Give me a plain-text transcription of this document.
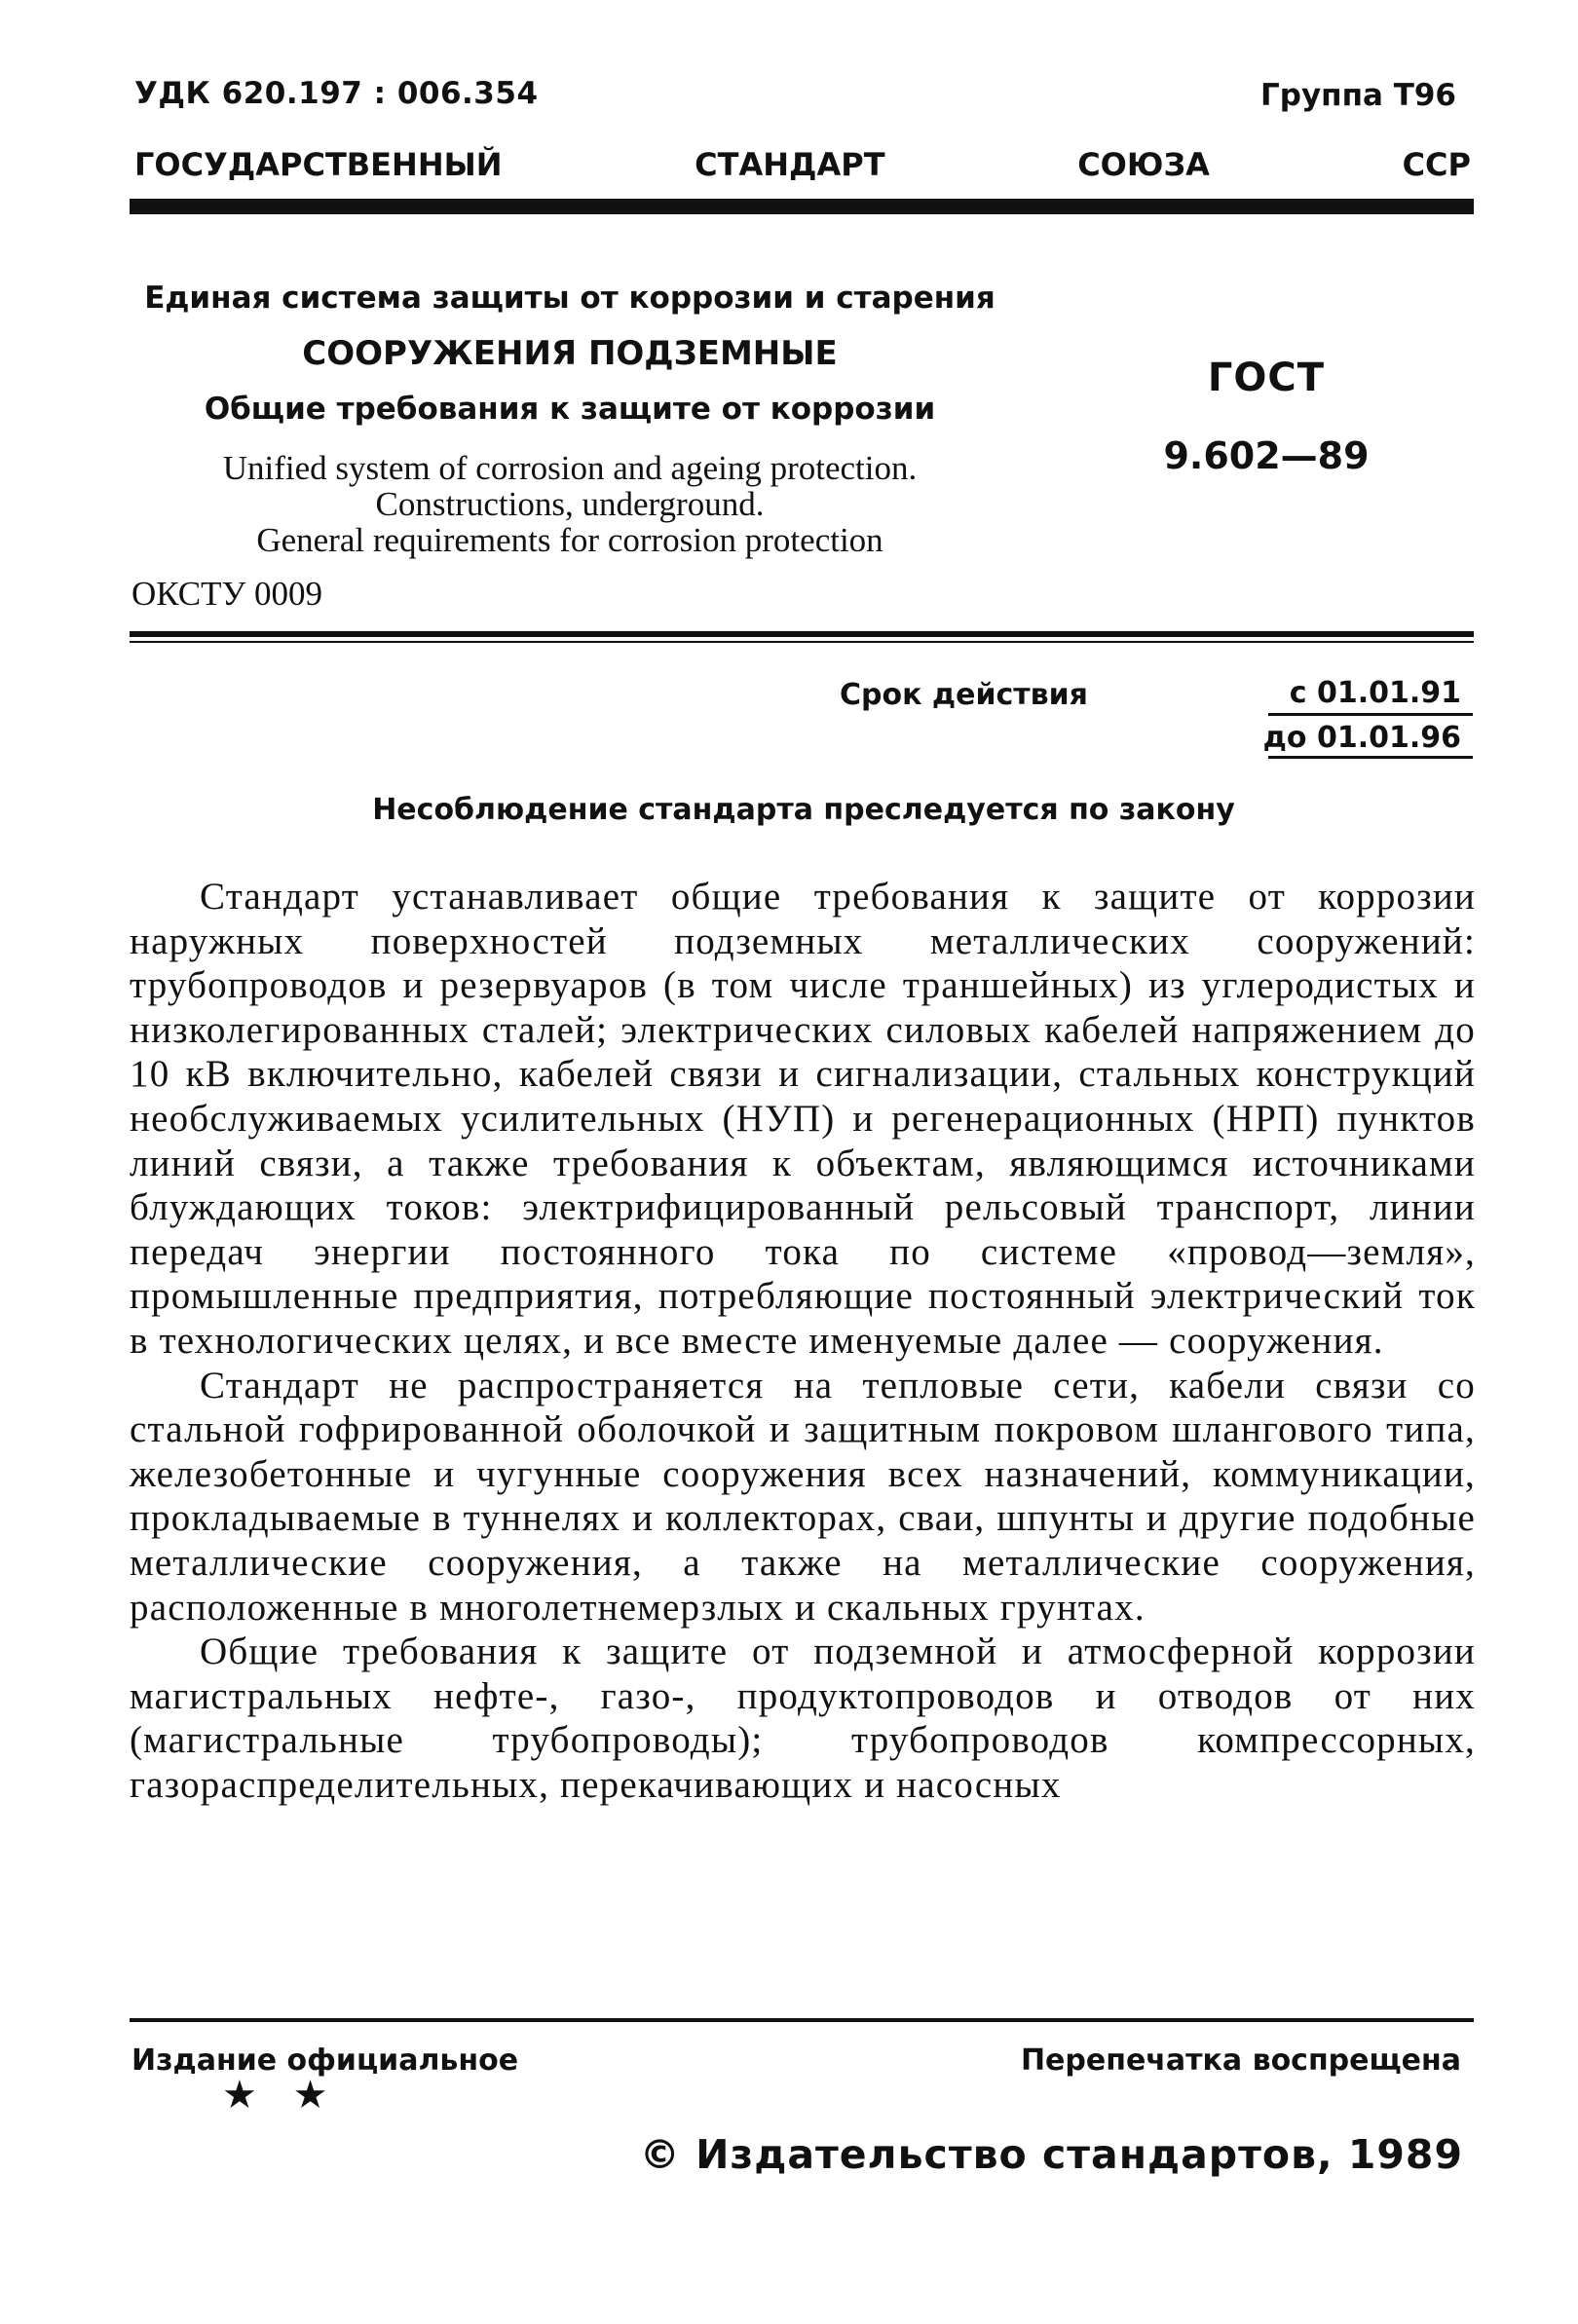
УДК 620.197 : 006.354	Группа Т96
ГОСУДАРСТВЕННЫЙ	СТАНДАРТ	СОЮЗА	ССР
Единая система защиты от коррозии и старения
СООРУЖЕНИЯ ПОДЗЕМНЫЕ
Общие требования к защите от коррозии
ГОСТ
9.602—89
Unified system of corrosion and ageing protection.
Constructions, underground.
General requirements for corrosion protection
ОКСТУ 0009
Срок действия	с 01.01.91
до 01.01.96
Несоблюдение стандарта преследуется по закону

Стандарт устанавливает общие требования к защите от коррозии наружных поверхностей подземных металлических сооружений: трубопроводов и резервуаров (в том числе траншейных) из углеродистых и низколегированных сталей; электрических силовых кабелей напряжением до 10 кВ включительно, кабелей связи и сигнализации, стальных конструкций необслуживаемых усилительных (НУП) и регенерационных (НРП) пунктов линий связи, а также требования к объектам, являющимся источниками блуждающих токов: электрифицированный рельсовый транспорт, линии передач энергии постоянного тока по системе «провод—земля», промышленные предприятия, потребляющие постоянный электрический ток в технологических целях, и все вместе именуемые далее — сооружения.

Стандарт не распространяется на тепловые сети, кабели связи со стальной гофрированной оболочкой и защитным покровом шлангового типа, железобетонные и чугунные сооружения всех назначений, коммуникации, прокладываемые в туннелях и коллекторах, сваи, шпунты и другие подобные металлические сооружения, а также на металлические сооружения, расположенные в многолетнемерзлых и скальных грунтах.

Общие требования к защите от подземной и атмосферной коррозии магистральных нефте-, газо-, продуктопроводов и отводов от них (магистральные трубопроводы); трубопроводов компрессорных, газораспределительных, перекачивающих и насосных

Издание официальное
★ ★
Перепечатка воспрещена
© Издательство стандартов, 1989
